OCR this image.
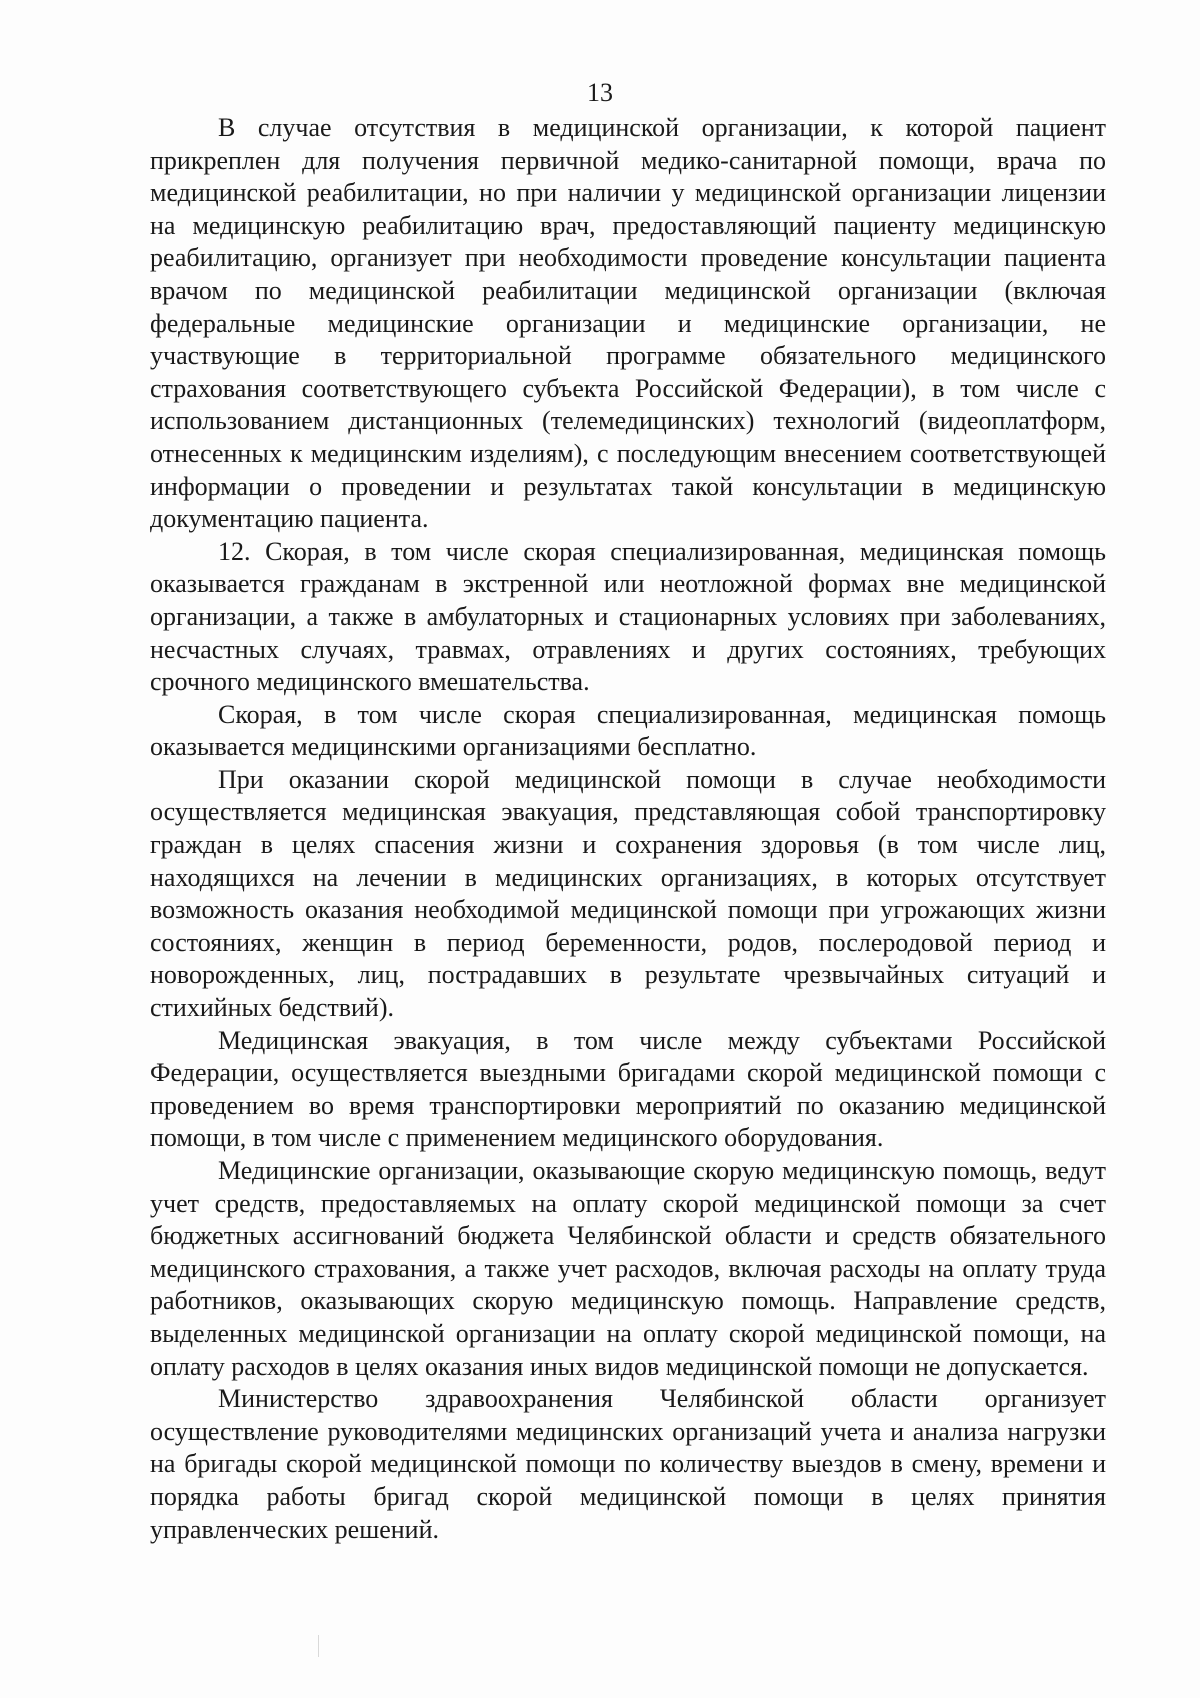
13

В случае отсутствия в медицинской организации, к которой пациент прикреплен для получения первичной медико-санитарной помощи, врача по медицинской реабилитации, но при наличии у медицинской организации лицензии на медицинскую реабилитацию врач, предоставляющий пациенту медицинскую реабилитацию, организует при необходимости проведение консультации пациента врачом по медицинской реабилитации медицинской организации (включая федеральные медицинские организации и медицинские организации, не участвующие в территориальной программе обязательного медицинского страхования соответствующего субъекта Российской Федерации), в том числе с использованием дистанционных (телемедицинских) технологий (видеоплатформ, отнесенных к медицинским изделиям), с последующим внесением соответствующей информации о проведении и результатах такой консультации в медицинскую документацию пациента.

12. Скорая, в том числе скорая специализированная, медицинская помощь оказывается гражданам в экстренной или неотложной формах вне медицинской организации, а также в амбулаторных и стационарных условиях при заболеваниях, несчастных случаях, травмах, отравлениях и других состояниях, требующих срочного медицинского вмешательства.

Скорая, в том числе скорая специализированная, медицинская помощь оказывается медицинскими организациями бесплатно.

При оказании скорой медицинской помощи в случае необходимости осуществляется медицинская эвакуация, представляющая собой транспортировку граждан в целях спасения жизни и сохранения здоровья (в том числе лиц, находящихся на лечении в медицинских организациях, в которых отсутствует возможность оказания необходимой медицинской помощи при угрожающих жизни состояниях, женщин в период беременности, родов, послеродовой период и новорожденных, лиц, пострадавших в результате чрезвычайных ситуаций и стихийных бедствий).

Медицинская эвакуация, в том числе между субъектами Российской Федерации, осуществляется выездными бригадами скорой медицинской помощи с проведением во время транспортировки мероприятий по оказанию медицинской помощи, в том числе с применением медицинского оборудования.

Медицинские организации, оказывающие скорую медицинскую помощь, ведут учет средств, предоставляемых на оплату скорой медицинской помощи за счет бюджетных ассигнований бюджета Челябинской области и средств обязательного медицинского страхования, а также учет расходов, включая расходы на оплату труда работников, оказывающих скорую медицинскую помощь. Направление средств, выделенных медицинской организации на оплату скорой медицинской помощи, на оплату расходов в целях оказания иных видов медицинской помощи не допускается.

Министерство здравоохранения Челябинской области организует осуществление руководителями медицинских организаций учета и анализа нагрузки на бригады скорой медицинской помощи по количеству выездов в смену, времени и порядка работы бригад скорой медицинской помощи в целях принятия управленческих решений.
